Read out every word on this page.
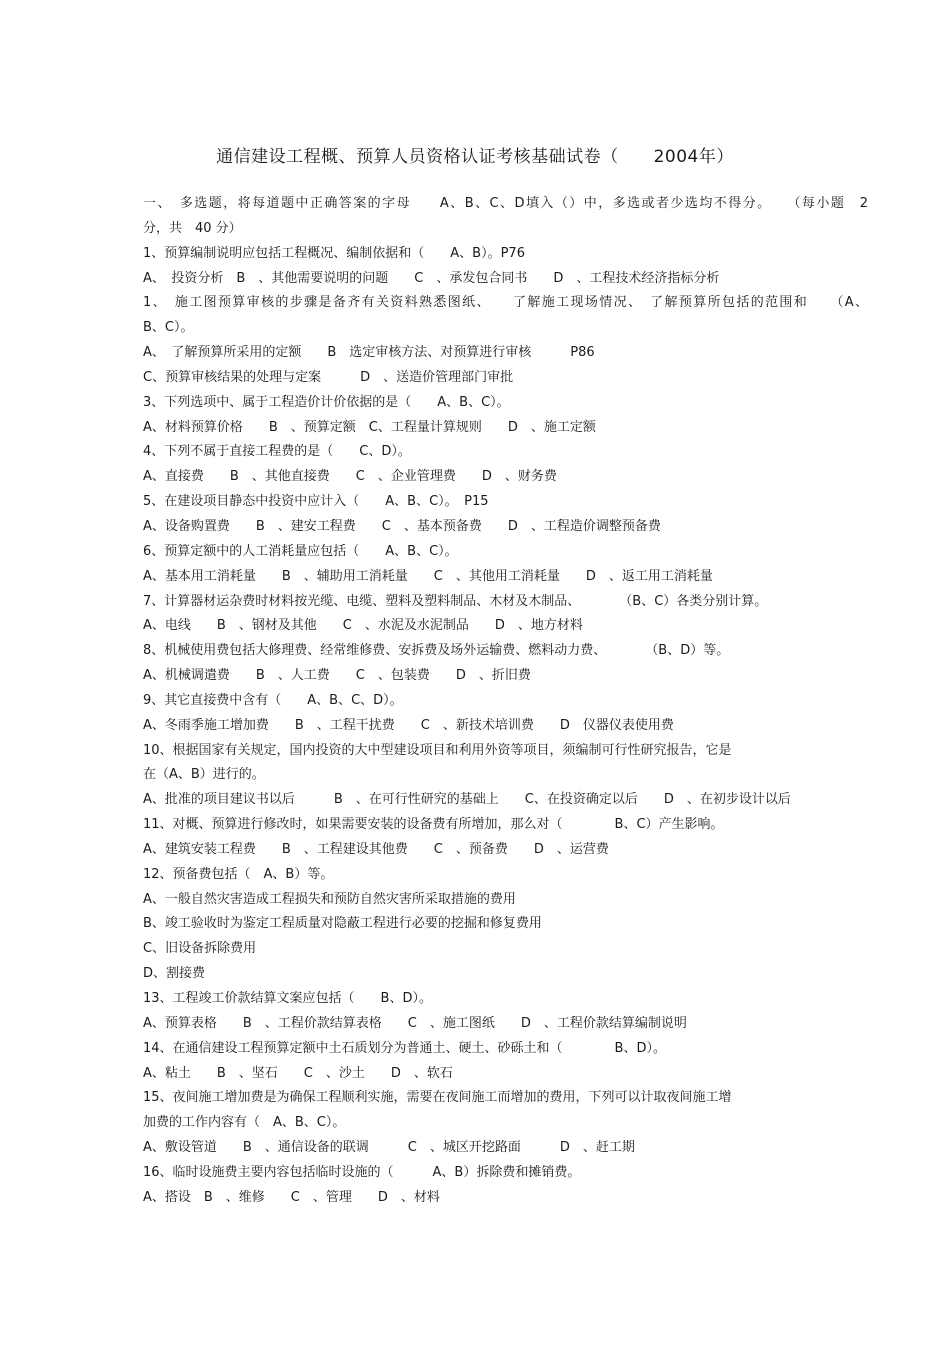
通信建设工程概、预算人员资格认证考核基础试卷（　　2004年）
一、　多选题，将每道题中正确答案的字母　　A、B、C、D填入（）中，多选或者少选均不得分。　　（每小题　2
分，共　40 分）
1、预算编制说明应包括工程概况、编制依据和（　　A、B）。P76
A、　投资分析　B　、其他需要说明的问题　　C　、承发包合同书　　D　、工程技术经济指标分析
1、　施工图预算审核的步骤是备齐有关资料熟悉图纸、　　了解施工现场情况、　了解预算所包括的范围和　　（A、
B、C）。
A、　了解预算所采用的定额　　B　选定审核方法、对预算进行审核　　　P86
C、预算审核结果的处理与定案　　　D　、送造价管理部门审批
3、下列选项中、属于工程造价计价依据的是（　　A、B、C）。
A、材料预算价格　　B　、预算定额　C、工程量计算规则　　D　、施工定额
4、下列不属于直接工程费的是（　　C、D）。
A、直接费　　B　、其他直接费　　C　、企业管理费　　D　、财务费
5、在建设项目静态中投资中应计入（　　A、B、C）。　P15
A、设备购置费　　B　、建安工程费　　C　、基本预备费　　D　、工程造价调整预备费
6、预算定额中的人工消耗量应包括（　　A、B、C）。
A、基本用工消耗量　　B　、辅助用工消耗量　　C　、其他用工消耗量　　D　、返工用工消耗量
7、计算器材运杂费时材料按光缆、电缆、塑料及塑料制品、木材及木制品、　　　　（B、C）各类分别计算。
A、电线　　B　、钢材及其他　　C　、水泥及水泥制品　　D　、地方材料
8、机械使用费包括大修理费、经常维修费、安拆费及场外运输费、燃料动力费、　　　　（B、D）等。
A、机械调遣费　　B　、人工费　　C　、包装费　　D　、折旧费
9、其它直接费中含有（　　A、B、C、D）。
A、冬雨季施工增加费　　B　、工程干扰费　　C　、新技术培训费　　D　仪器仪表使用费
10、根据国家有关规定，国内投资的大中型建设项目和利用外资等项目，须编制可行性研究报告，它是
在（A、B）进行的。
A、批准的项目建议书以后　　　B　、在可行性研究的基础上　　C、在投资确定以后　　D　、在初步设计以后
11、对概、预算进行修改时，如果需要安装的设备费有所增加，那么对（　　　　B、C）产生影响。
A、建筑安装工程费　　B　、工程建设其他费　　C　、预备费　　D　、运营费
12、预备费包括（　A、B）等。
A、一般自然灾害造成工程损失和预防自然灾害所采取措施的费用
B、竣工验收时为鉴定工程质量对隐蔽工程进行必要的挖掘和修复费用
C、旧设备拆除费用
D、割接费
13、工程竣工价款结算文案应包括（　　B、D）。
A、预算表格　　B　、工程价款结算表格　　C　、施工图纸　　D　、工程价款结算编制说明
14、在通信建设工程预算定额中土石质划分为普通土、硬土、砂砾土和（　　　　B、D）。
A、粘土　　B　、坚石　　C　、沙土　　D　、软石
15、夜间施工增加费是为确保工程顺利实施，需要在夜间施工而增加的费用，下列可以计取夜间施工增
加费的工作内容有（　A、B、C）。
A、敷设管道　　B　、通信设备的联调　　　C　、城区开挖路面　　　D　、赶工期
16、临时设施费主要内容包括临时设施的（　　　A、B）拆除费和摊销费。
A、搭设　B　、维修　　C　、管理　　D　、材料
